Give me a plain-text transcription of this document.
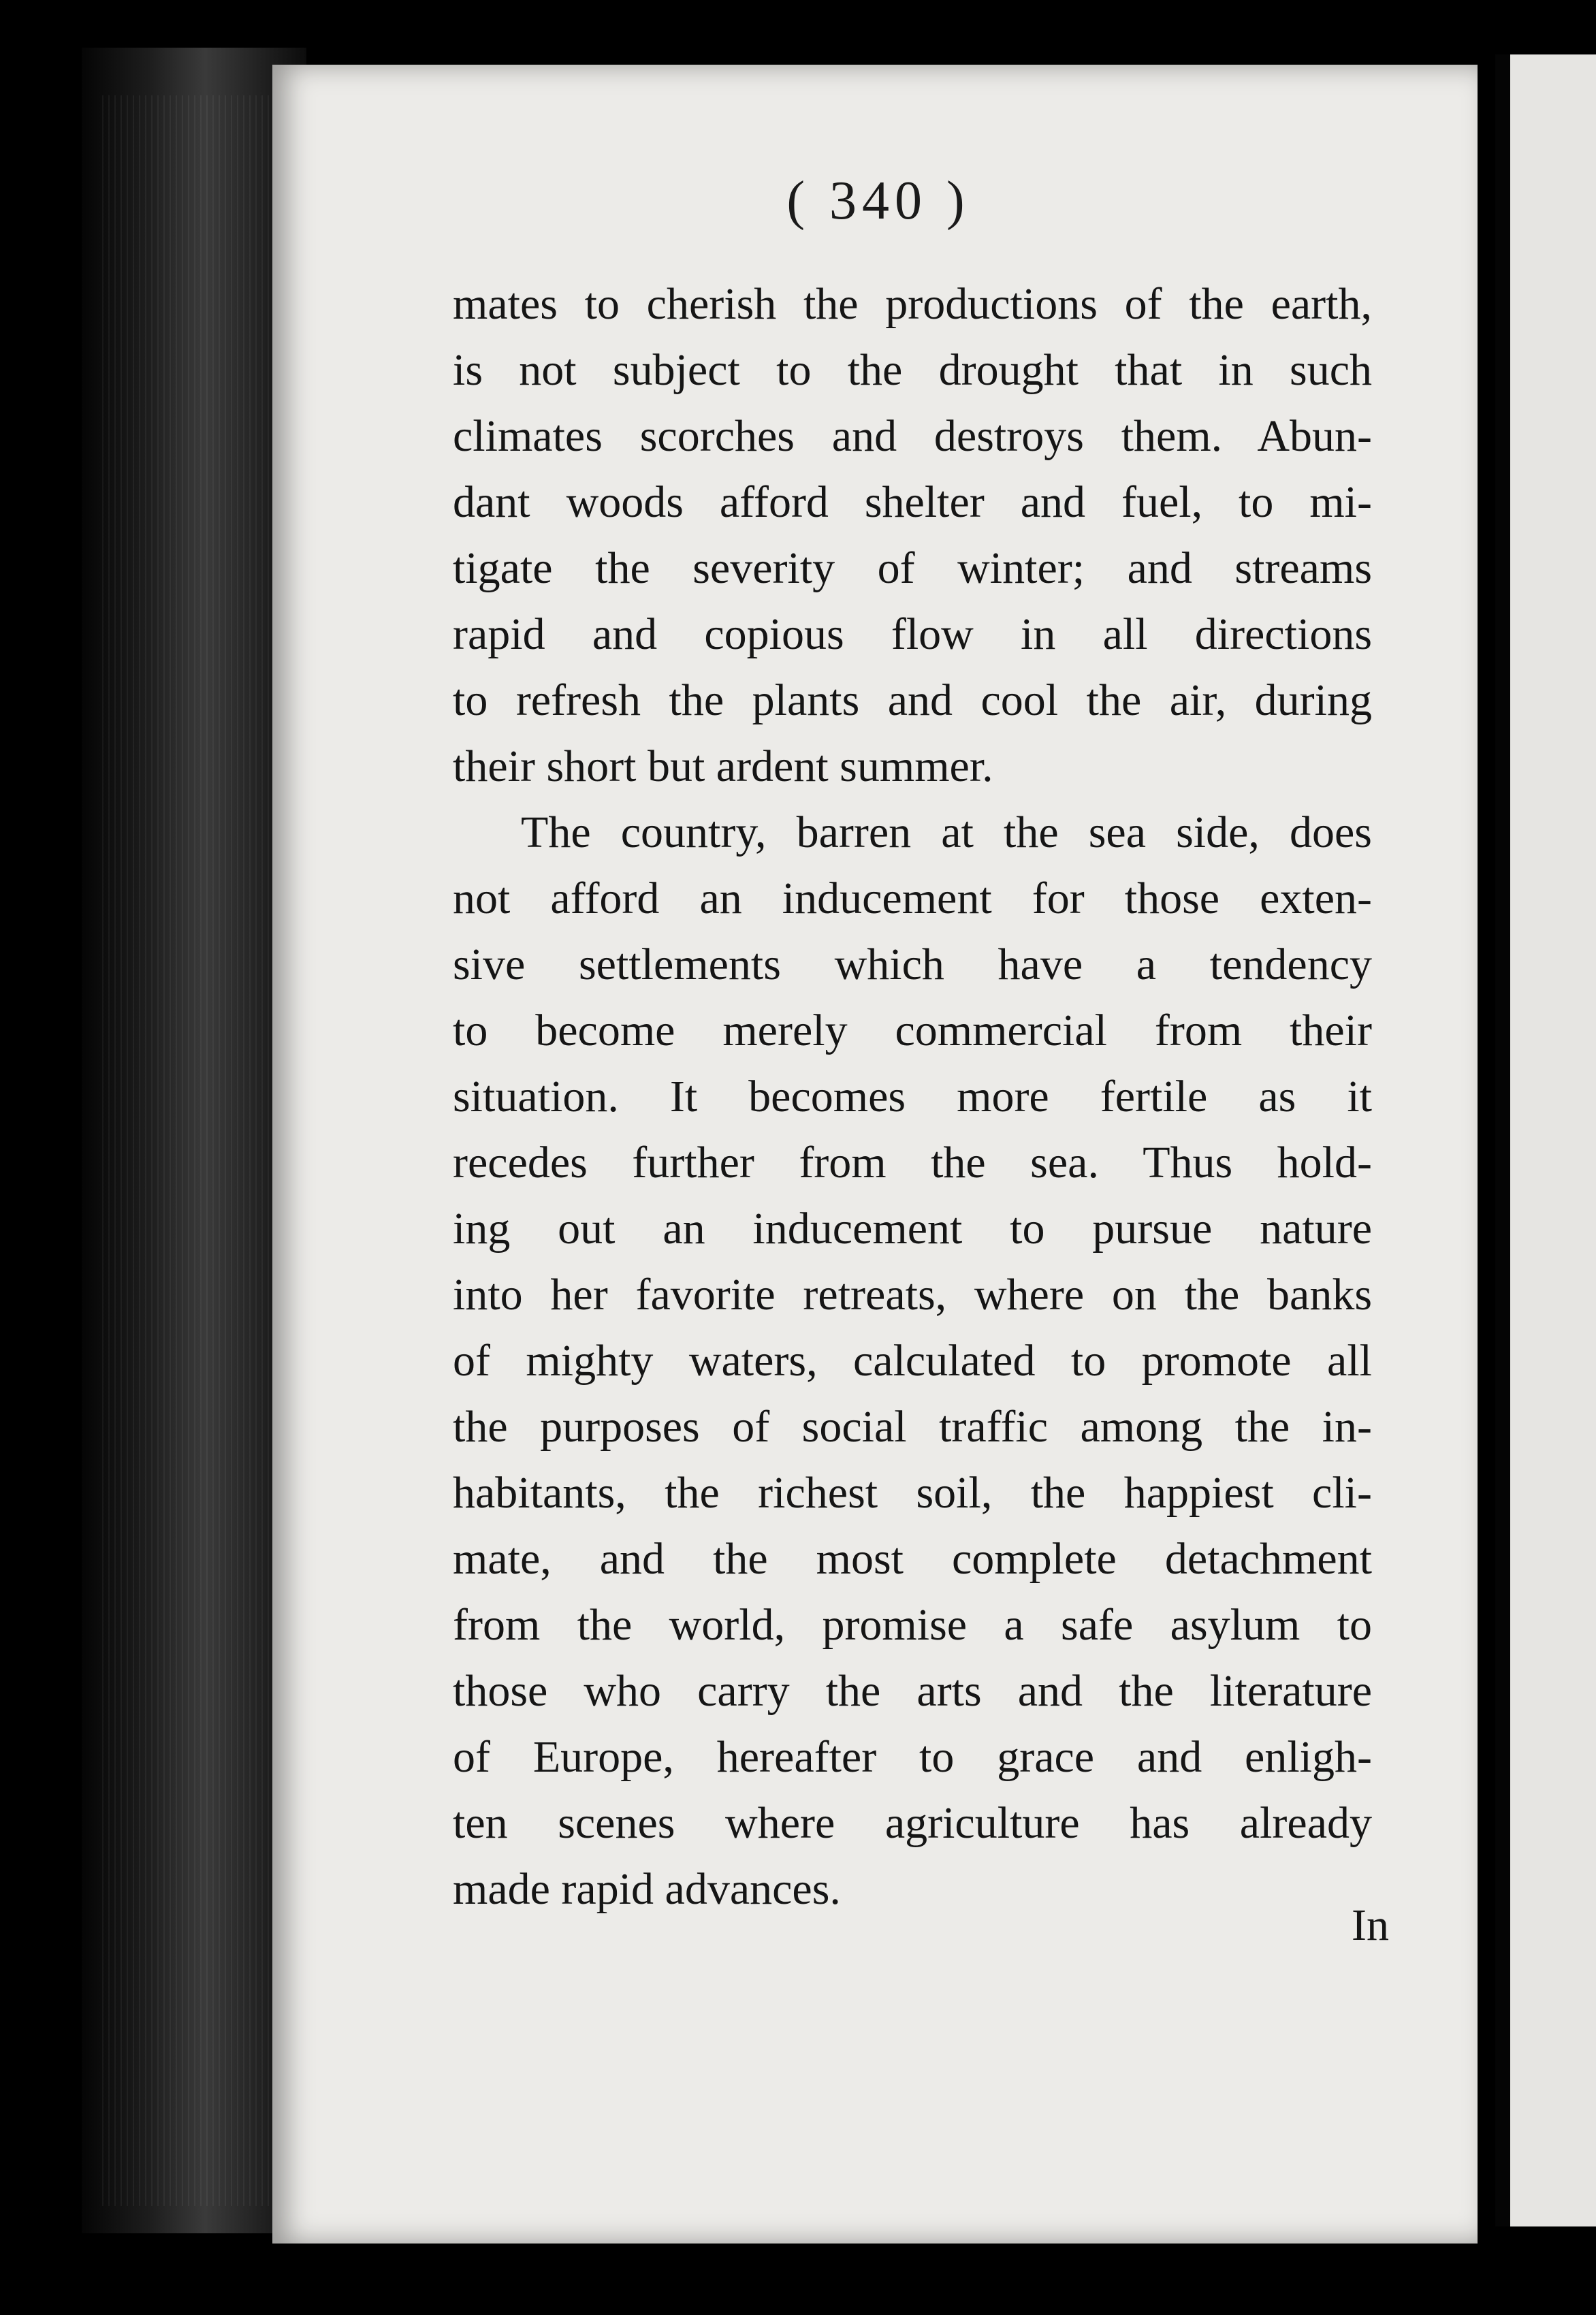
( 340 )
mates to cherish the productions of the earth,
is not subject to the drought that in such
climates scorches and destroys them. Abun-
dant woods afford shelter and fuel, to mi-
tigate the severity of winter; and streams
rapid and copious flow in all directions
to refresh the plants and cool the air, during
their short but ardent summer.
The country, barren at the sea side, does
not afford an inducement for those exten-
sive settlements which have a tendency
to become merely commercial from their
situation. It becomes more fertile as it
recedes further from the sea. Thus hold-
ing out an inducement to pursue nature
into her favorite retreats, where on the banks
of mighty waters, calculated to promote all
the purposes of social traffic among the in-
habitants, the richest soil, the happiest cli-
mate, and the most complete detachment
from the world, promise a safe asylum to
those who carry the arts and the literature
of Europe, hereafter to grace and enligh-
ten scenes where agriculture has already
made rapid advances.
In
